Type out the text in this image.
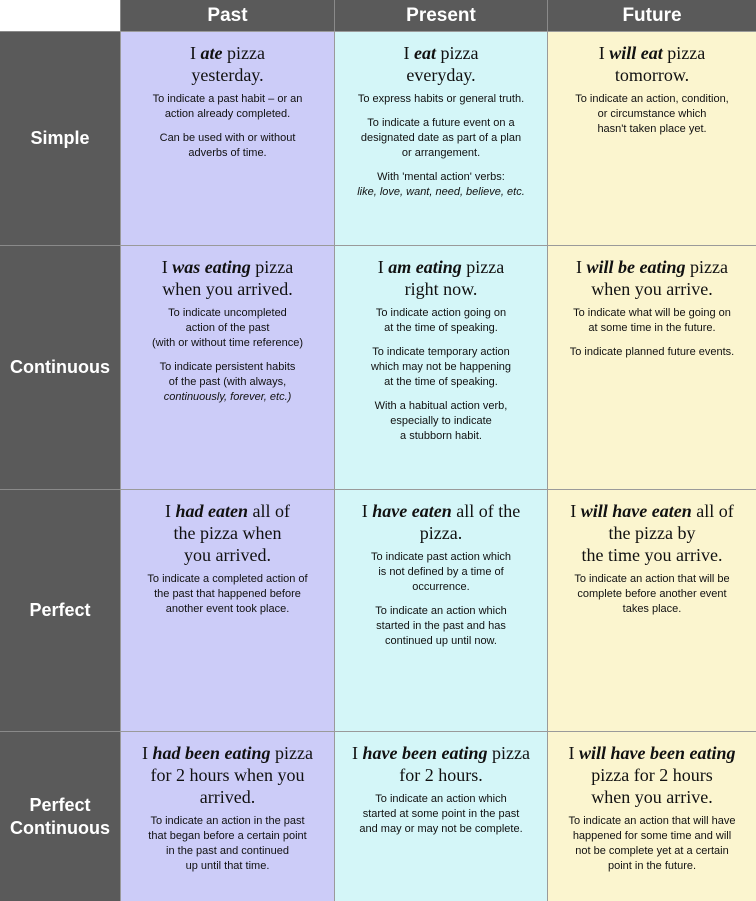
Past	Present	Future
Simple
I ate pizza
yesterday.
To indicate a past habit – or an
action already completed.
Can be used with or without
adverbs of time.
I eat pizza
everyday.
To express habits or general truth.
To indicate a future event on a
designated date as part of a plan
or arrangement.
With 'mental action' verbs:
like, love, want, need, believe, etc.
I will eat pizza
tomorrow.
To indicate an action, condition,
or circumstance which
hasn't taken place yet.
Continuous
I was eating pizza
when you arrived.
To indicate uncompleted
action of the past
(with or without time reference)
To indicate persistent habits
of the past (with always,
continuously, forever, etc.)
I am eating pizza
right now.
To indicate action going on
at the time of speaking.
To indicate temporary action
which may not be happening
at the time of speaking.
With a habitual action verb,
especially to indicate
a stubborn habit.
I will be eating pizza
when you arrive.
To indicate what will be going on
at some time in the future.
To indicate planned future events.
Perfect
I had eaten all of
the pizza when
you arrived.
To indicate a completed action of
the past that happened before
another event took place.
I have eaten all of the
pizza.
To indicate past action which
is not defined by a time of
occurrence.
To indicate an action which
started in the past and has
continued up until now.
I will have eaten all of
the pizza by
the time you arrive.
To indicate an action that will be
complete before another event
takes place.
Perfect
Continuous
I had been eating pizza
for 2 hours when you
arrived.
To indicate an action in the past
that began before a certain point
in the past and continued
up until that time.
I have been eating pizza
for 2 hours.
To indicate an action which
started at some point in the past
and may or may not be complete.
I will have been eating
pizza for 2 hours
when you arrive.
To indicate an action that will have
happened for some time and will
not be complete yet at a certain
point in the future.
